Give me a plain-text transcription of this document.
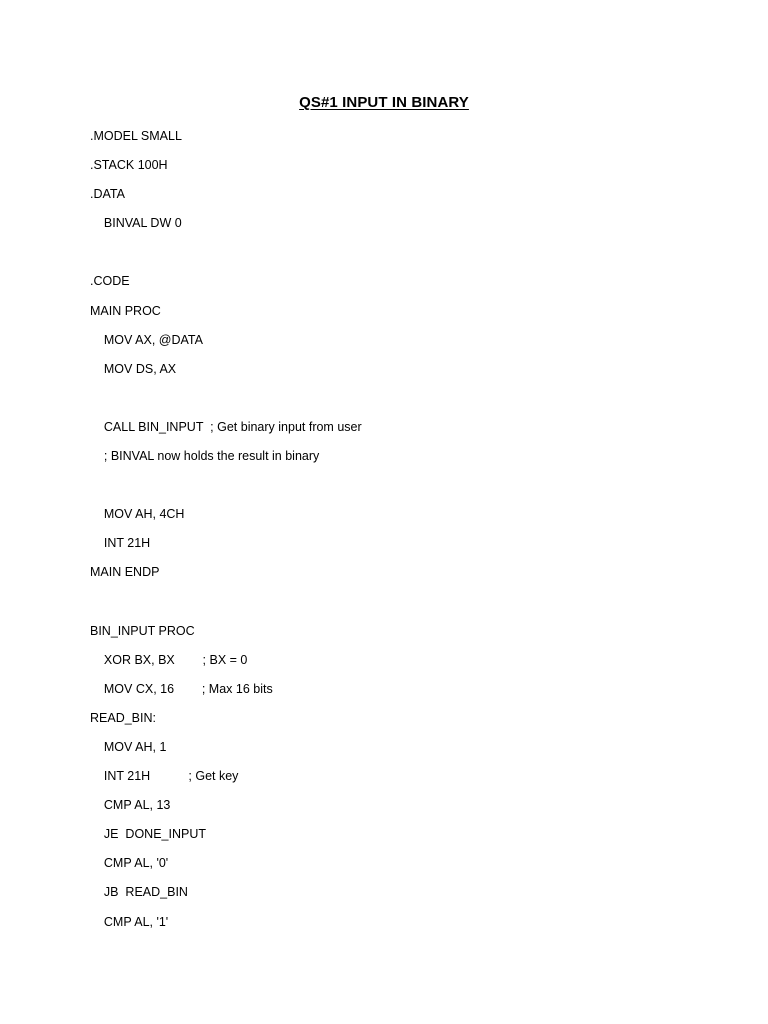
QS#1 INPUT IN BINARY
.MODEL SMALL
.STACK 100H
.DATA
BINVAL DW 0
.CODE
MAIN PROC
MOV AX, @DATA
MOV DS, AX
CALL BIN_INPUT  ; Get binary input from user
; BINVAL now holds the result in binary
MOV AH, 4CH
INT 21H
MAIN ENDP
BIN_INPUT PROC
XOR BX, BX        ; BX = 0
MOV CX, 16        ; Max 16 bits
READ_BIN:
MOV AH, 1
INT 21H           ; Get key
CMP AL, 13
JE  DONE_INPUT
CMP AL, '0'
JB  READ_BIN
CMP AL, '1'
